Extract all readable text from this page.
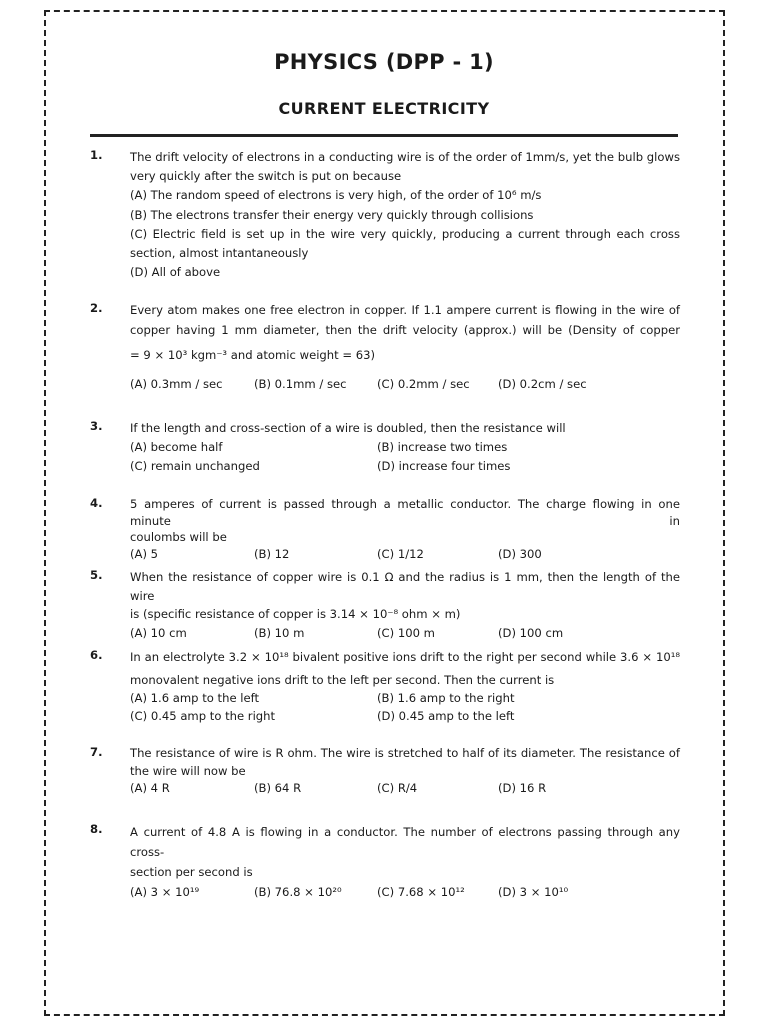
PHYSICS (DPP - 1)
CURRENT ELECTRICITY
1. The drift velocity of electrons in a conducting wire is of the order of 1mm/s, yet the bulb glows
very quickly after the switch is put on because
(A) The random speed of electrons is very high, of the order of 10⁶ m/s
(B) The electrons transfer their energy very quickly through collisions
(C) Electric field is set up in the wire very quickly, producing a current through each cross
section, almost intantaneously
(D) All of above
2. Every atom makes one free electron in copper. If 1.1 ampere current is flowing in the wire of
copper having 1 mm diameter, then the drift velocity (approx.) will be (Density of copper
= 9 × 10³ kgm⁻³ and atomic weight = 63)
(A) 0.3mm / sec	(B) 0.1mm / sec	(C) 0.2mm / sec (D) 0.2cm / sec
3. If the length and cross-section of a wire is doubled, then the resistance will
(A) become half	(B) increase two times
(C) remain unchanged	(D) increase four times
4. 5 amperes of current is passed through a metallic conductor. The charge flowing in one minute in
coulombs will be
(A) 5	(B) 12	(C) 1/12	(D) 300
5. When the resistance of copper wire is 0.1 Ω and the radius is 1 mm, then the length of the wire
is (specific resistance of copper is 3.14 × 10⁻⁸ ohm × m)
(A) 10 cm	(B) 10 m	(C) 100 m	(D) 100 cm
6. In an electrolyte 3.2 × 10¹⁸ bivalent positive ions drift to the right per second while 3.6 × 10¹⁸
monovalent negative ions drift to the left per second. Then the current is
(A) 1.6 amp to the left	(B) 1.6 amp to the right
(C) 0.45 amp to the right	(D) 0.45 amp to the left
7. The resistance of wire is R ohm. The wire is stretched to half of its diameter. The resistance of
the wire will now be
(A) 4 R	(B) 64 R	(C) R/4	(D) 16 R
8. A current of 4.8 A is flowing in a conductor. The number of electrons passing through any cross-
section per second is
(A) 3 × 10¹⁹	(B) 76.8 × 10²⁰	(C) 7.68 × 10¹²	(D) 3 × 10¹⁰
